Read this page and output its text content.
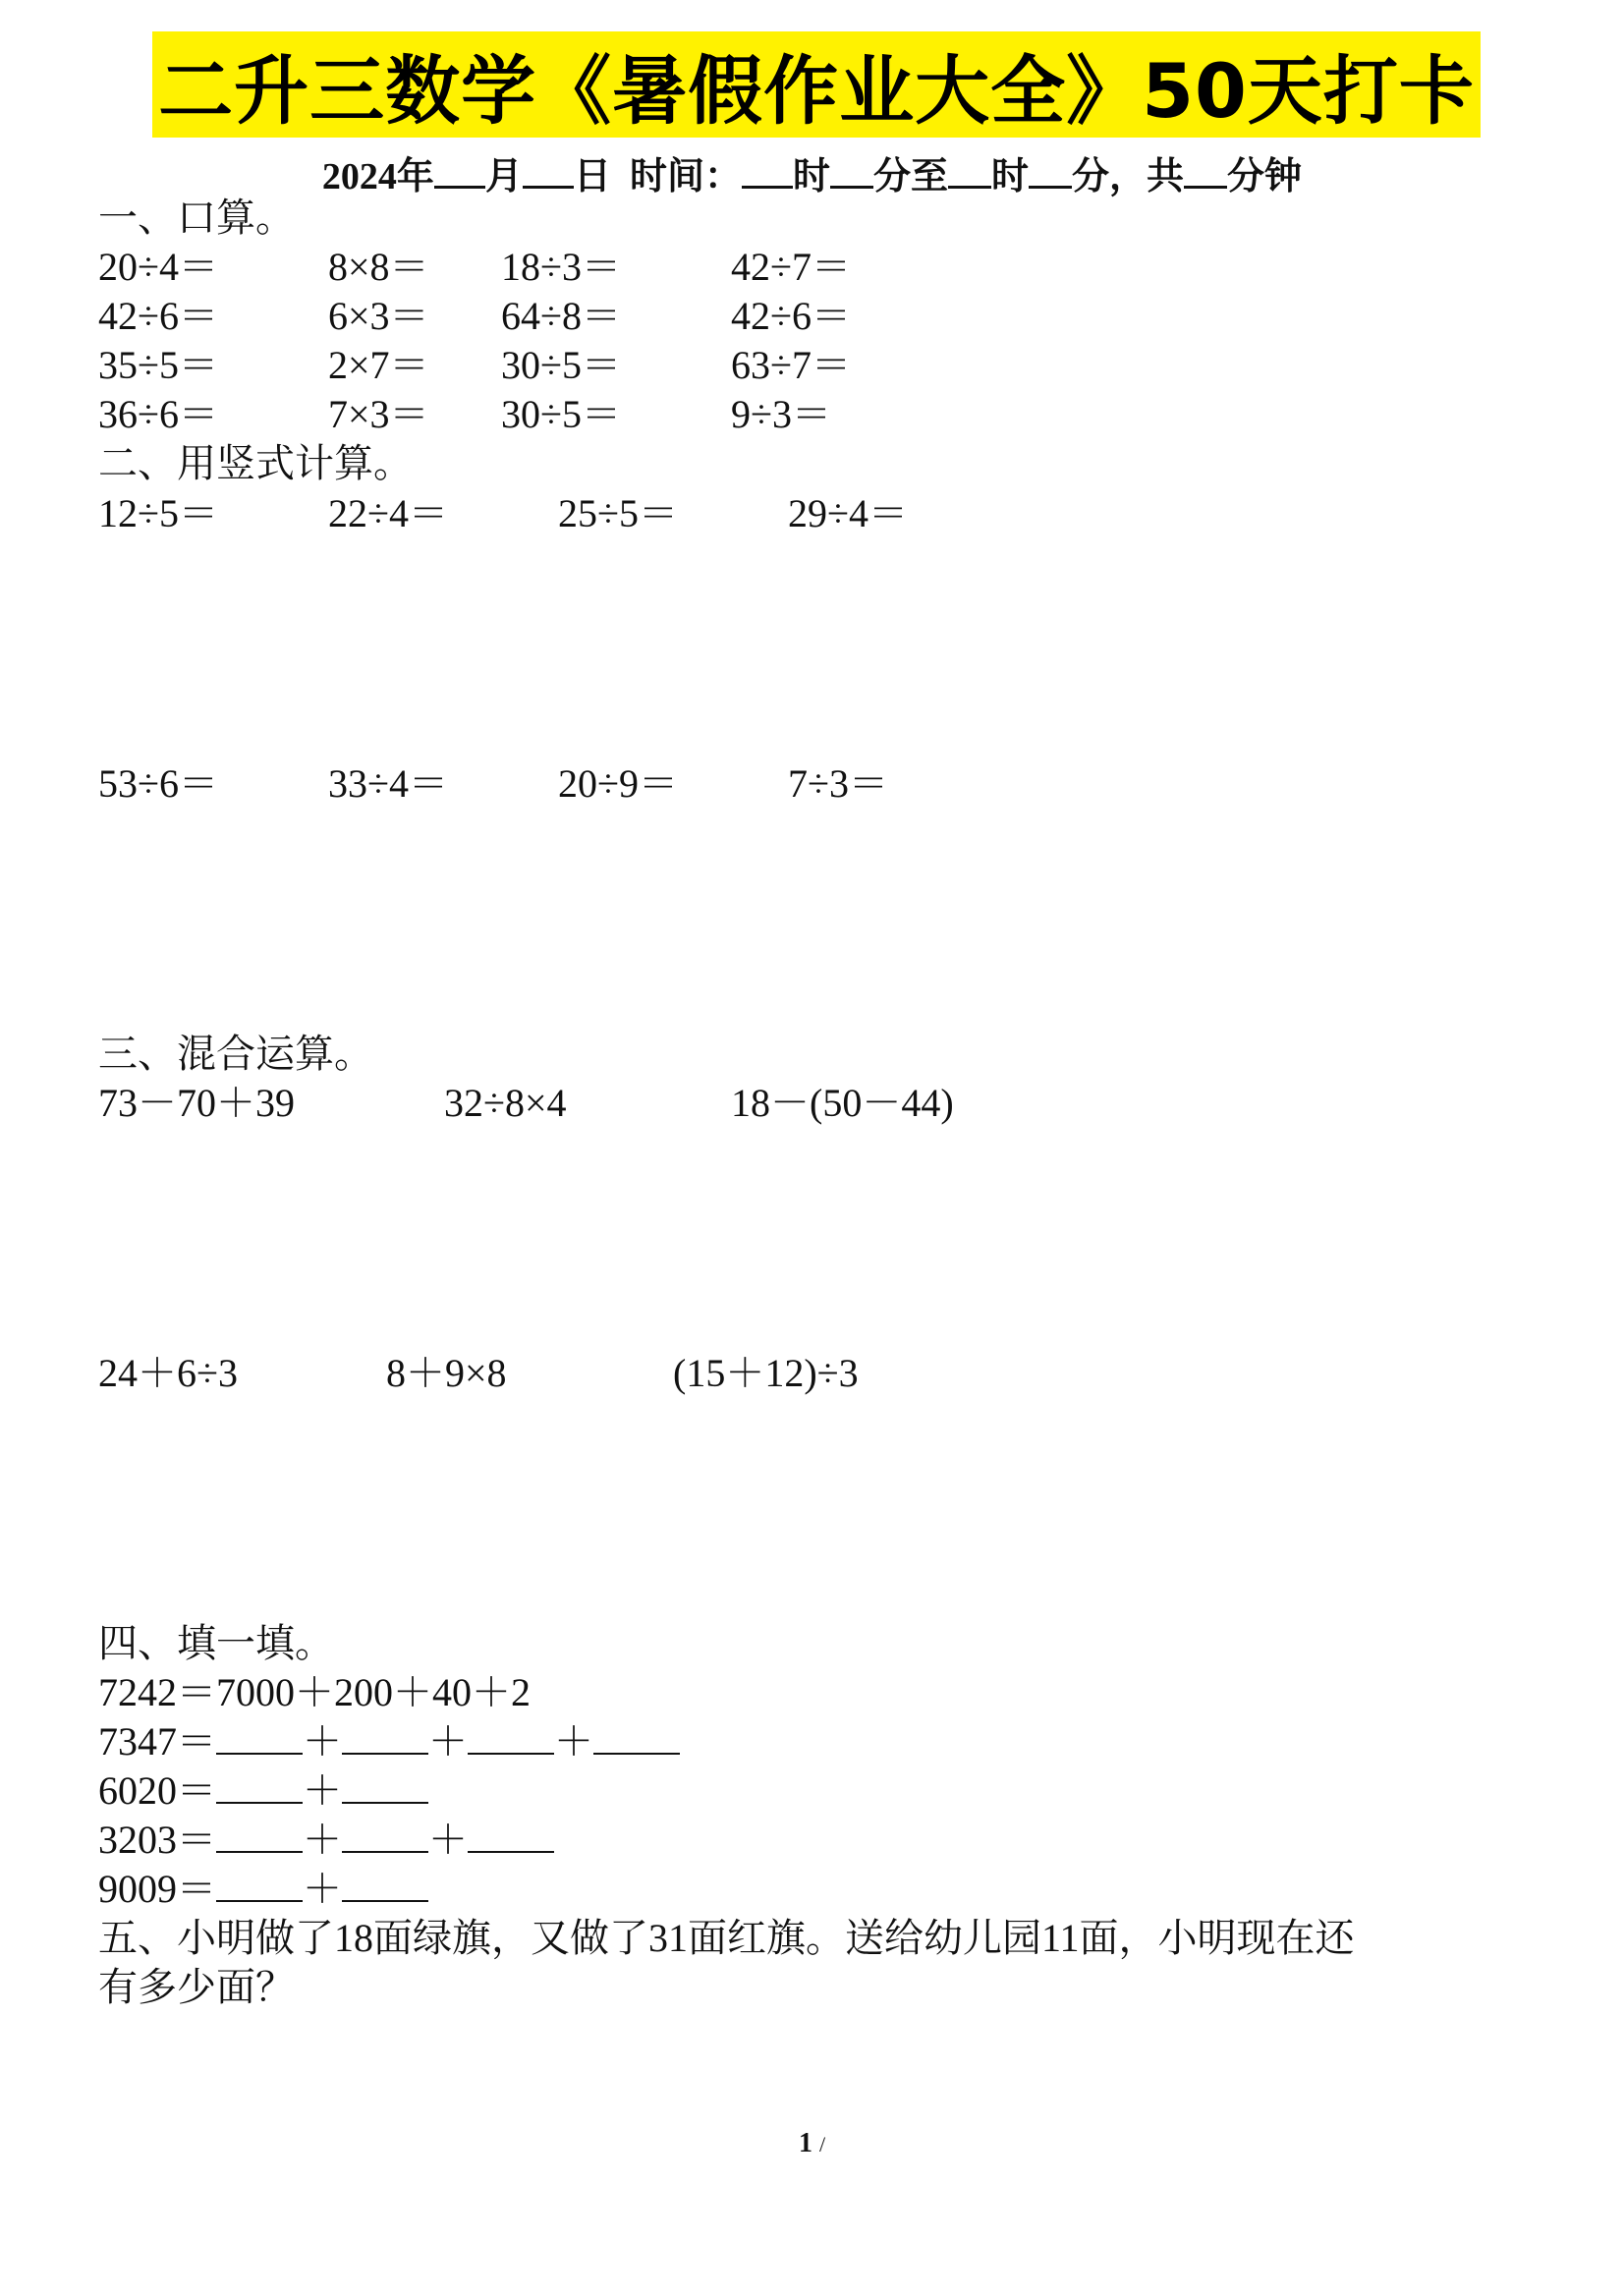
二升三数学《暑假作业大全》50天打卡
2024年 月 日 时间： 时 分至 时 分，共 分钟
一、口算。
20÷4＝	8×8＝ 18÷3＝	42÷7＝
42÷6＝	6×3＝ 64÷8＝	42÷6＝
35÷5＝	2×7＝ 30÷5＝	63÷7＝
36÷6＝	7×3＝ 30÷5＝	9÷3＝
二、用竖式计算。
12÷5＝	22÷4＝	25÷5＝	29÷4＝
53÷6＝	33÷4＝	20÷9＝	7÷3＝
三、混合运算。
73－70＋39	32÷8×4	18－(50－44)
24＋6÷3	8＋9×8	(15＋12)÷3
四、填一填。
7242＝7000＋200＋40＋2
7347＝ ＋ ＋ ＋
6020＝ ＋
3203＝ ＋ ＋
9009＝ ＋
五、小明做了18面绿旗，又做了31面红旗。送给幼儿园11面，小明现在还
有多少面？
1 /
